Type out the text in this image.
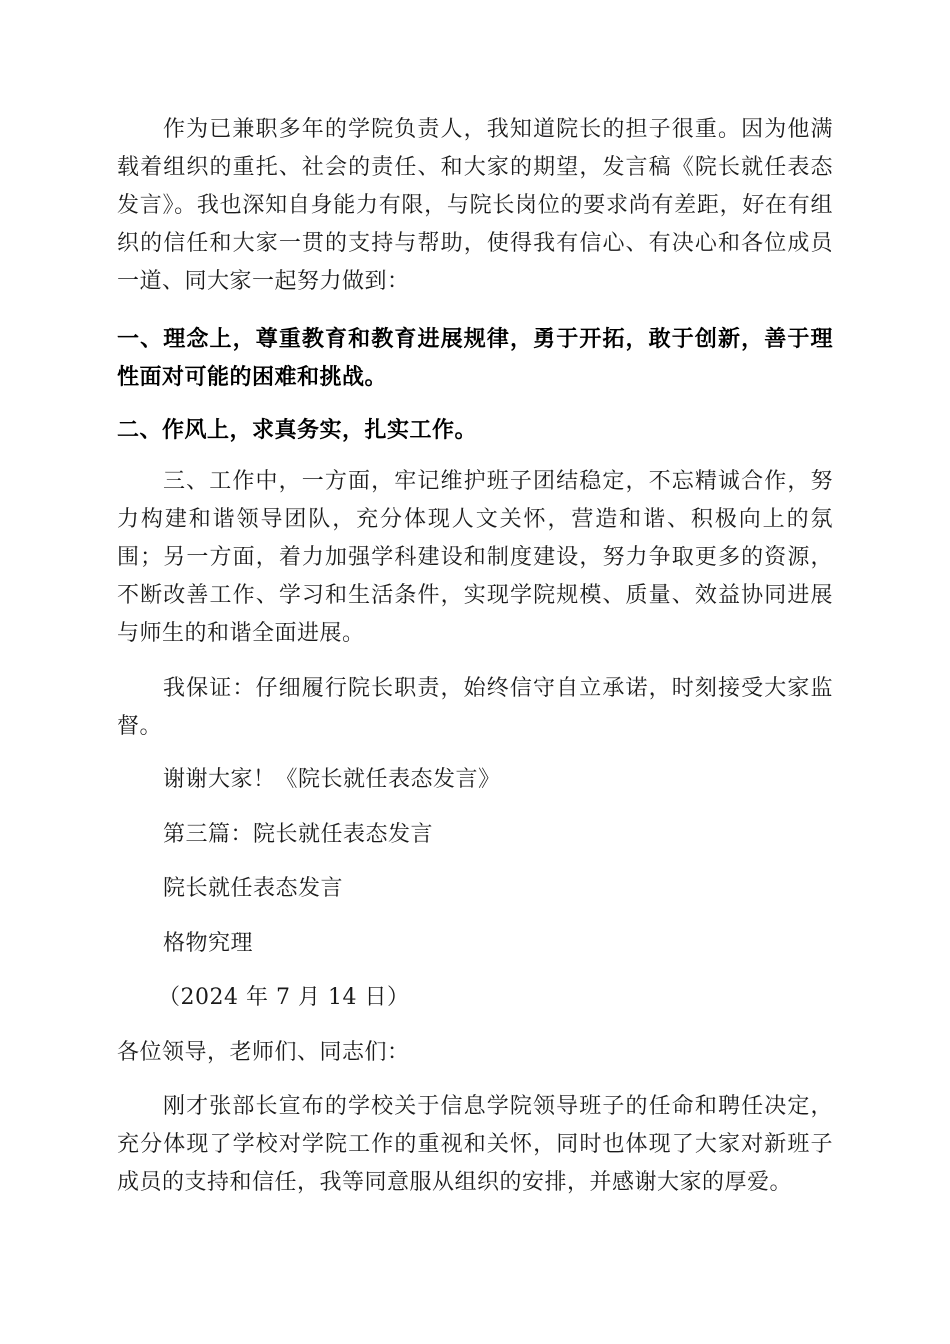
作为已兼职多年的学院负责人，我知道院长的担子很重。因为他满载着组织的重托、社会的责任、和大家的期望，发言稿《院长就任表态发言》。我也深知自身能力有限，与院长岗位的要求尚有差距，好在有组织的信任和大家一贯的支持与帮助，使得我有信心、有决心和各位成员一道、同大家一起努力做到：

一、理念上，尊重教育和教育进展规律，勇于开拓，敢于创新，善于理性面对可能的困难和挑战。

二、作风上，求真务实，扎实工作。

三、工作中，一方面，牢记维护班子团结稳定，不忘精诚合作，努力构建和谐领导团队，充分体现人文关怀，营造和谐、积极向上的氛围；另一方面，着力加强学科建设和制度建设，努力争取更多的资源，不断改善工作、学习和生活条件，实现学院规模、质量、效益协同进展与师生的和谐全面进展。

我保证：仔细履行院长职责，始终信守自立承诺，时刻接受大家监督。

谢谢大家！《院长就任表态发言》

第三篇：院长就任表态发言

院长就任表态发言

格物究理

（2024 年 7 月 14 日）

各位领导，老师们、同志们：

刚才张部长宣布的学校关于信息学院领导班子的任命和聘任决定，充分体现了学校对学院工作的重视和关怀，同时也体现了大家对新班子成员的支持和信任，我等同意服从组织的安排，并感谢大家的厚爱。
